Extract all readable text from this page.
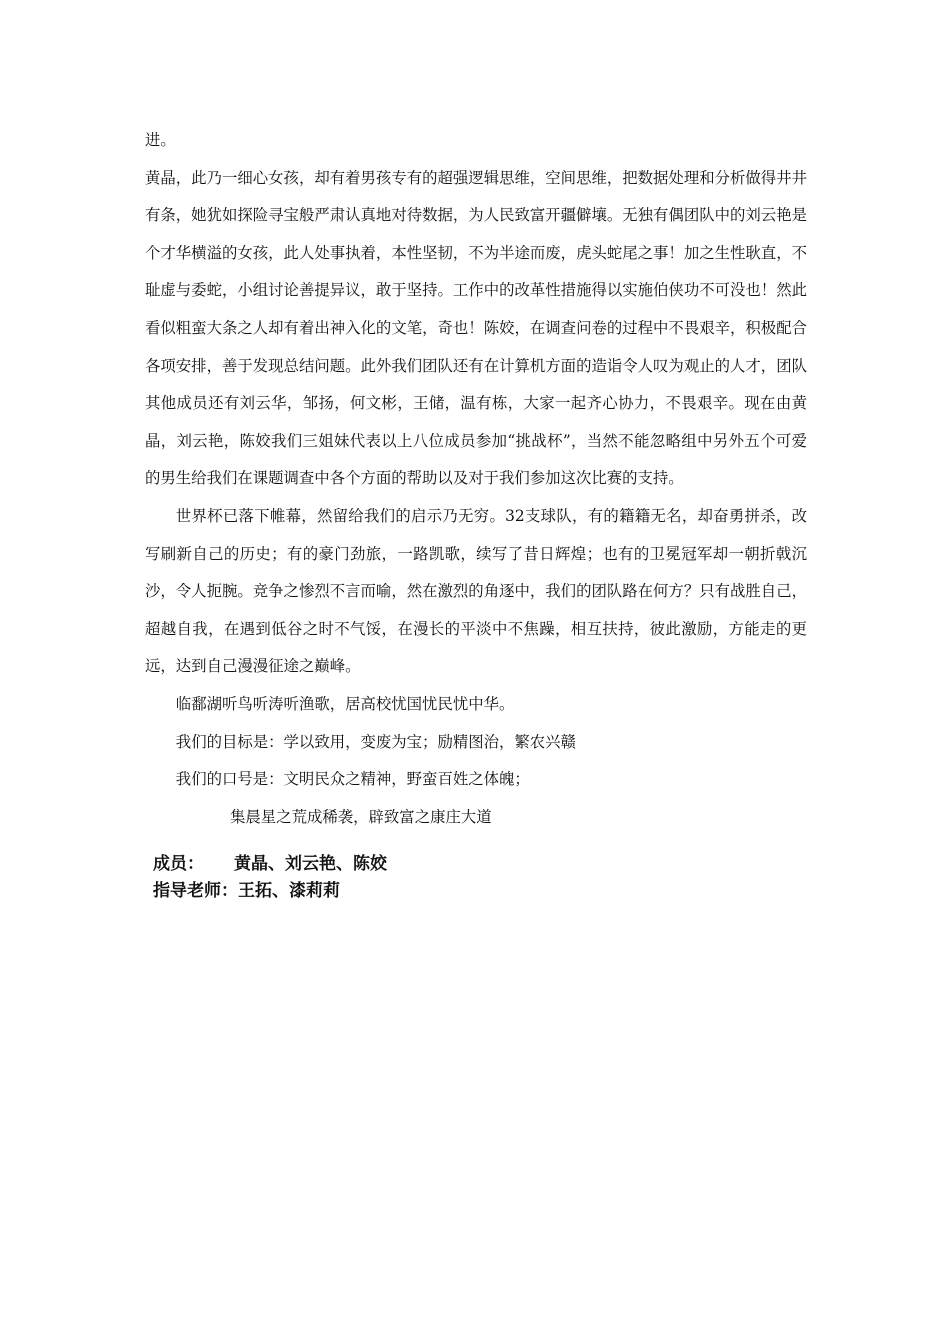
进。

黄晶，此乃一细心女孩，却有着男孩专有的超强逻辑思维，空间思维，把数据处理和分析做得井井有条，她犹如探险寻宝般严肃认真地对待数据，为人民致富开疆僻壤。无独有偶团队中的刘云艳是个才华横溢的女孩，此人处事执着，本性坚韧，不为半途而废，虎头蛇尾之事！加之生性耿直，不耻虚与委蛇，小组讨论善提异议，敢于坚持。工作中的改革性措施得以实施伯侠功不可没也！然此看似粗蛮大条之人却有着出神入化的文笔，奇也！陈姣，在调查问卷的过程中不畏艰辛，积极配合各项安排，善于发现总结问题。此外我们团队还有在计算机方面的造诣令人叹为观止的人才，团队其他成员还有刘云华，邹扬，何文彬，王储，温有栋，大家一起齐心协力，不畏艰辛。现在由黄晶，刘云艳，陈姣我们三姐妹代表以上八位成员参加“挑战杯”，当然不能忽略组中另外五个可爱的男生给我们在课题调查中各个方面的帮助以及对于我们参加这次比赛的支持。

世界杯已落下帷幕，然留给我们的启示乃无穷。32支球队，有的籍籍无名，却奋勇拼杀，改写刷新自己的历史；有的豪门劲旅，一路凯歌，续写了昔日辉煌；也有的卫冕冠军却一朝折戟沉沙，令人扼腕。竞争之惨烈不言而喻，然在激烈的角逐中，我们的团队路在何方？只有战胜自己，超越自我，在遇到低谷之时不气馁，在漫长的平淡中不焦躁，相互扶持，彼此激励，方能走的更远，达到自己漫漫征途之巅峰。

临鄱湖听鸟听涛听渔歌，居高校忧国忧民忧中华。

我们的目标是：学以致用，变废为宝；励精图治，繁农兴赣

我们的口号是：文明民众之精神，野蛮百姓之体魄；

集晨星之荒成稀袭，辟致富之康庄大道

成员： 黄晶、刘云艳、陈姣
指导老师：王拓、漆莉莉
